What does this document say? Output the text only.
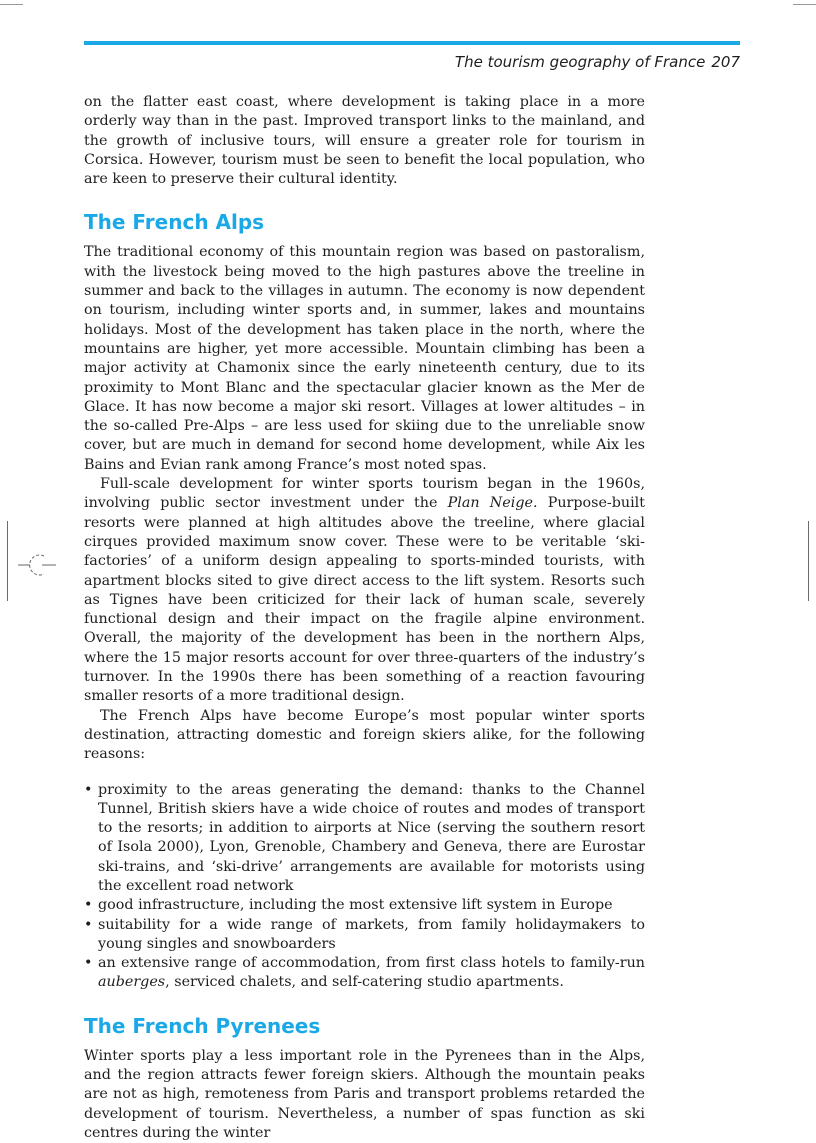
The tourism geography of France 207

on the flatter east coast, where development is taking place in a more orderly way than in the past. Improved transport links to the mainland, and the growth of inclusive tours, will ensure a greater role for tourism in Corsica. However, tourism must be seen to benefit the local population, who are keen to preserve their cultural identity.

The French Alps

The traditional economy of this mountain region was based on pastoralism, with the livestock being moved to the high pastures above the treeline in summer and back to the villages in autumn. The economy is now dependent on tourism, including winter sports and, in summer, lakes and mountains holidays. Most of the development has taken place in the north, where the mountains are higher, yet more accessible. Mountain climbing has been a major activity at Chamonix since the early nineteenth century, due to its proximity to Mont Blanc and the spectacular glacier known as the Mer de Glace. It has now become a major ski resort. Villages at lower altitudes – in the so-called Pre-Alps – are less used for skiing due to the unreliable snow cover, but are much in demand for second home development, while Aix les Bains and Evian rank among France’s most noted spas.

Full-scale development for winter sports tourism began in the 1960s, involving public sector investment under the Plan Neige. Purpose-built resorts were planned at high altitudes above the treeline, where glacial cirques provided maximum snow cover. These were to be veritable ‘ski-factories’ of a uniform design appealing to sports-minded tourists, with apartment blocks sited to give direct access to the lift system. Resorts such as Tignes have been criticized for their lack of human scale, severely functional design and their impact on the fragile alpine environment. Overall, the majority of the development has been in the northern Alps, where the 15 major resorts account for over three-quarters of the industry’s turnover. In the 1990s there has been something of a reaction favouring smaller resorts of a more traditional design.

The French Alps have become Europe’s most popular winter sports destination, attracting domestic and foreign skiers alike, for the following reasons:

• proximity to the areas generating the demand: thanks to the Channel Tunnel, British skiers have a wide choice of routes and modes of transport to the resorts; in addition to airports at Nice (serving the southern resort of Isola 2000), Lyon, Grenoble, Chambery and Geneva, there are Eurostar ski-trains, and ‘ski-drive’ arrangements are available for motorists using the excellent road network
• good infrastructure, including the most extensive lift system in Europe
• suitability for a wide range of markets, from family holidaymakers to young singles and snowboarders
• an extensive range of accommodation, from first class hotels to family-run auberges, serviced chalets, and self-catering studio apartments.
The French Pyrenees

Winter sports play a less important role in the Pyrenees than in the Alps, and the region attracts fewer foreign skiers. Although the mountain peaks are not as high, remoteness from Paris and transport problems retarded the development of tourism. Nevertheless, a number of spas function as ski centres during the winter
